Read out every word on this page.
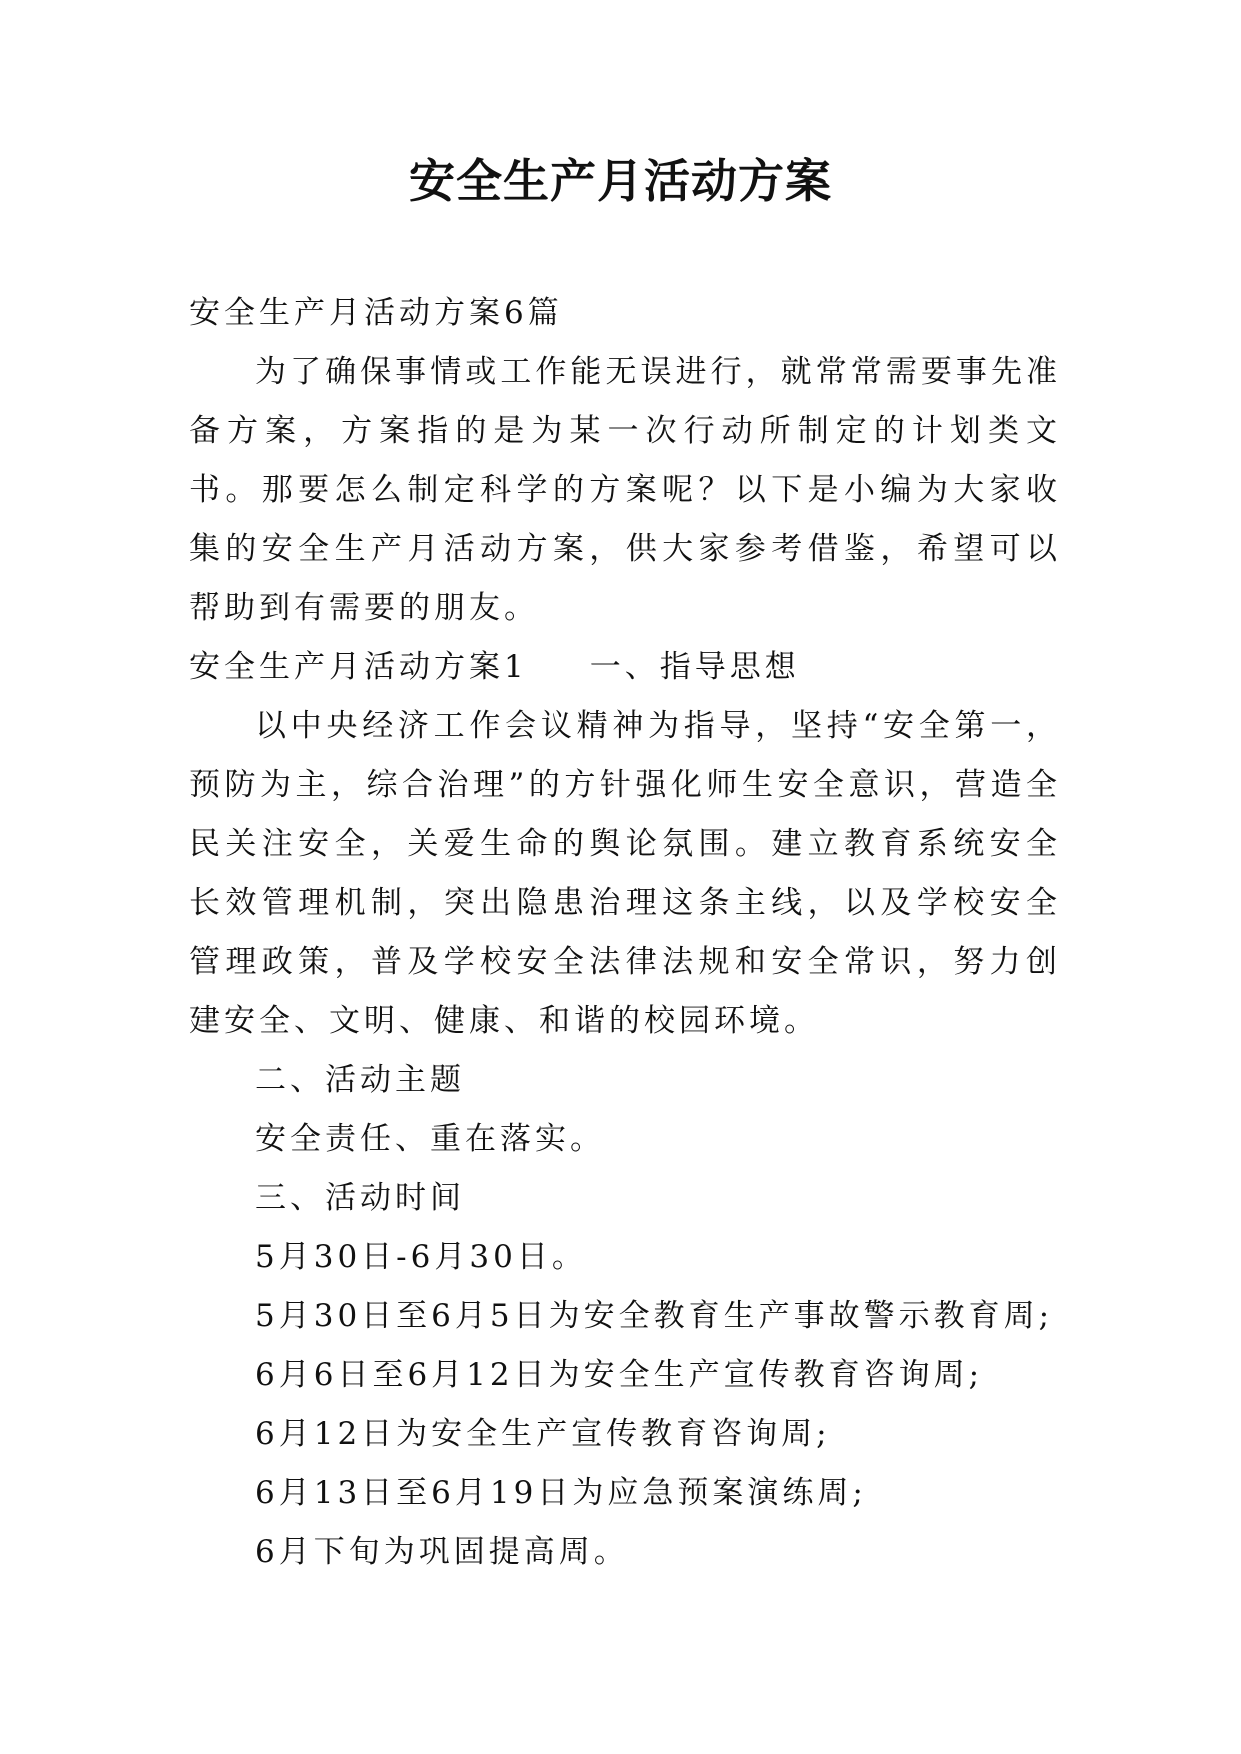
安全生产月活动方案

安全生产月活动方案6篇

为了确保事情或工作能无误进行，就常常需要事先准备方案，方案指的是为某一次行动所制定的计划类文书。那要怎么制定科学的方案呢？以下是小编为大家收集的安全生产月活动方案，供大家参考借鉴，希望可以帮助到有需要的朋友。

安全生产月活动方案1 一、指导思想

以中央经济工作会议精神为指导，坚持“安全第一，预防为主，综合治理”的方针强化师生安全意识，营造全民关注安全，关爱生命的舆论氛围。建立教育系统安全长效管理机制，突出隐患治理这条主线，以及学校安全管理政策，普及学校安全法律法规和安全常识，努力创建安全、文明、健康、和谐的校园环境。

二、活动主题

安全责任、重在落实。

三、活动时间

5月30日-6月30日。

5月30日至6月5日为安全教育生产事故警示教育周;

6月6日至6月12日为安全生产宣传教育咨询周;

6月12日为安全生产宣传教育咨询周;

6月13日至6月19日为应急预案演练周;

6月下旬为巩固提高周。
